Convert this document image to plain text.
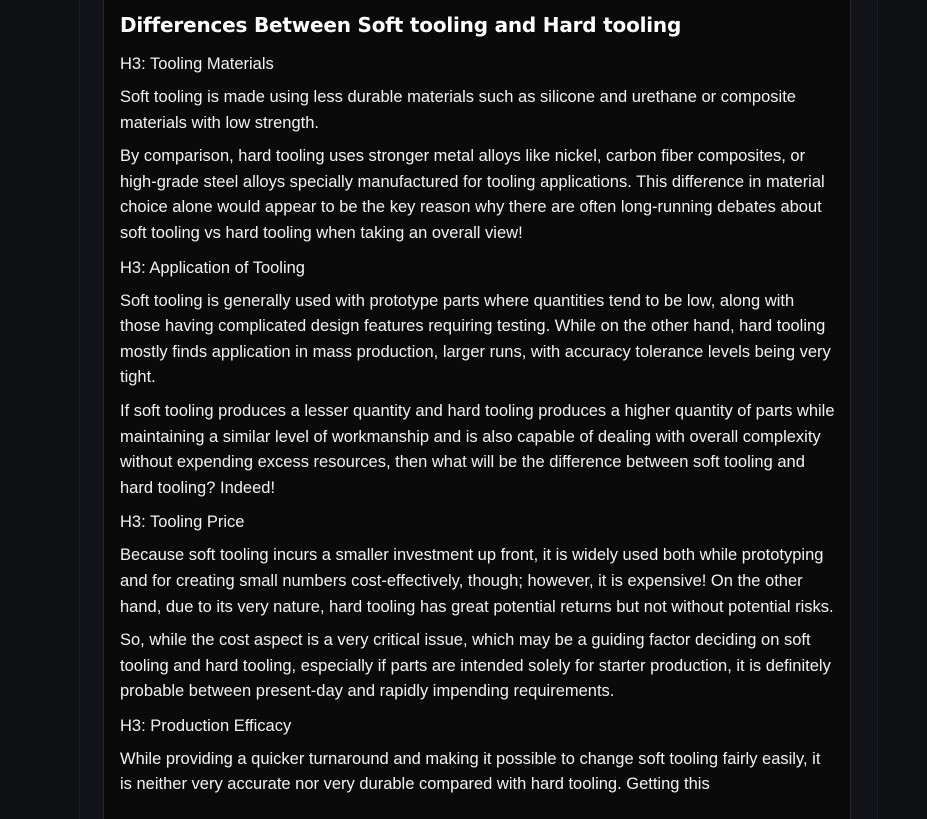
Differences Between Soft tooling and Hard tooling
H3: Tooling Materials

Soft tooling is made using less durable materials such as silicone and urethane or composite materials with low strength.

By comparison, hard tooling uses stronger metal alloys like nickel, carbon fiber composites, or high-grade steel alloys specially manufactured for tooling applications. This difference in material choice alone would appear to be the key reason why there are often long-running debates about soft tooling vs hard tooling when taking an overall view!

H3: Application of Tooling

Soft tooling is generally used with prototype parts where quantities tend to be low, along with those having complicated design features requiring testing. While on the other hand, hard tooling mostly finds application in mass production, larger runs, with accuracy tolerance levels being very tight.

If soft tooling produces a lesser quantity and hard tooling produces a higher quantity of parts while maintaining a similar level of workmanship and is also capable of dealing with overall complexity without expending excess resources, then what will be the difference between soft tooling and hard tooling? Indeed!

H3: Tooling Price

Because soft tooling incurs a smaller investment up front, it is widely used both while prototyping and for creating small numbers cost-effectively, though; however, it is expensive! On the other hand, due to its very nature, hard tooling has great potential returns but not without potential risks.

So, while the cost aspect is a very critical issue, which may be a guiding factor deciding on soft tooling and hard tooling, especially if parts are intended solely for starter production, it is definitely probable between present-day and rapidly impending requirements.

H3: Production Efficacy

While providing a quicker turnaround and making it possible to change soft tooling fairly easily, it is neither very accurate nor very durable compared with hard tooling. Getting this
